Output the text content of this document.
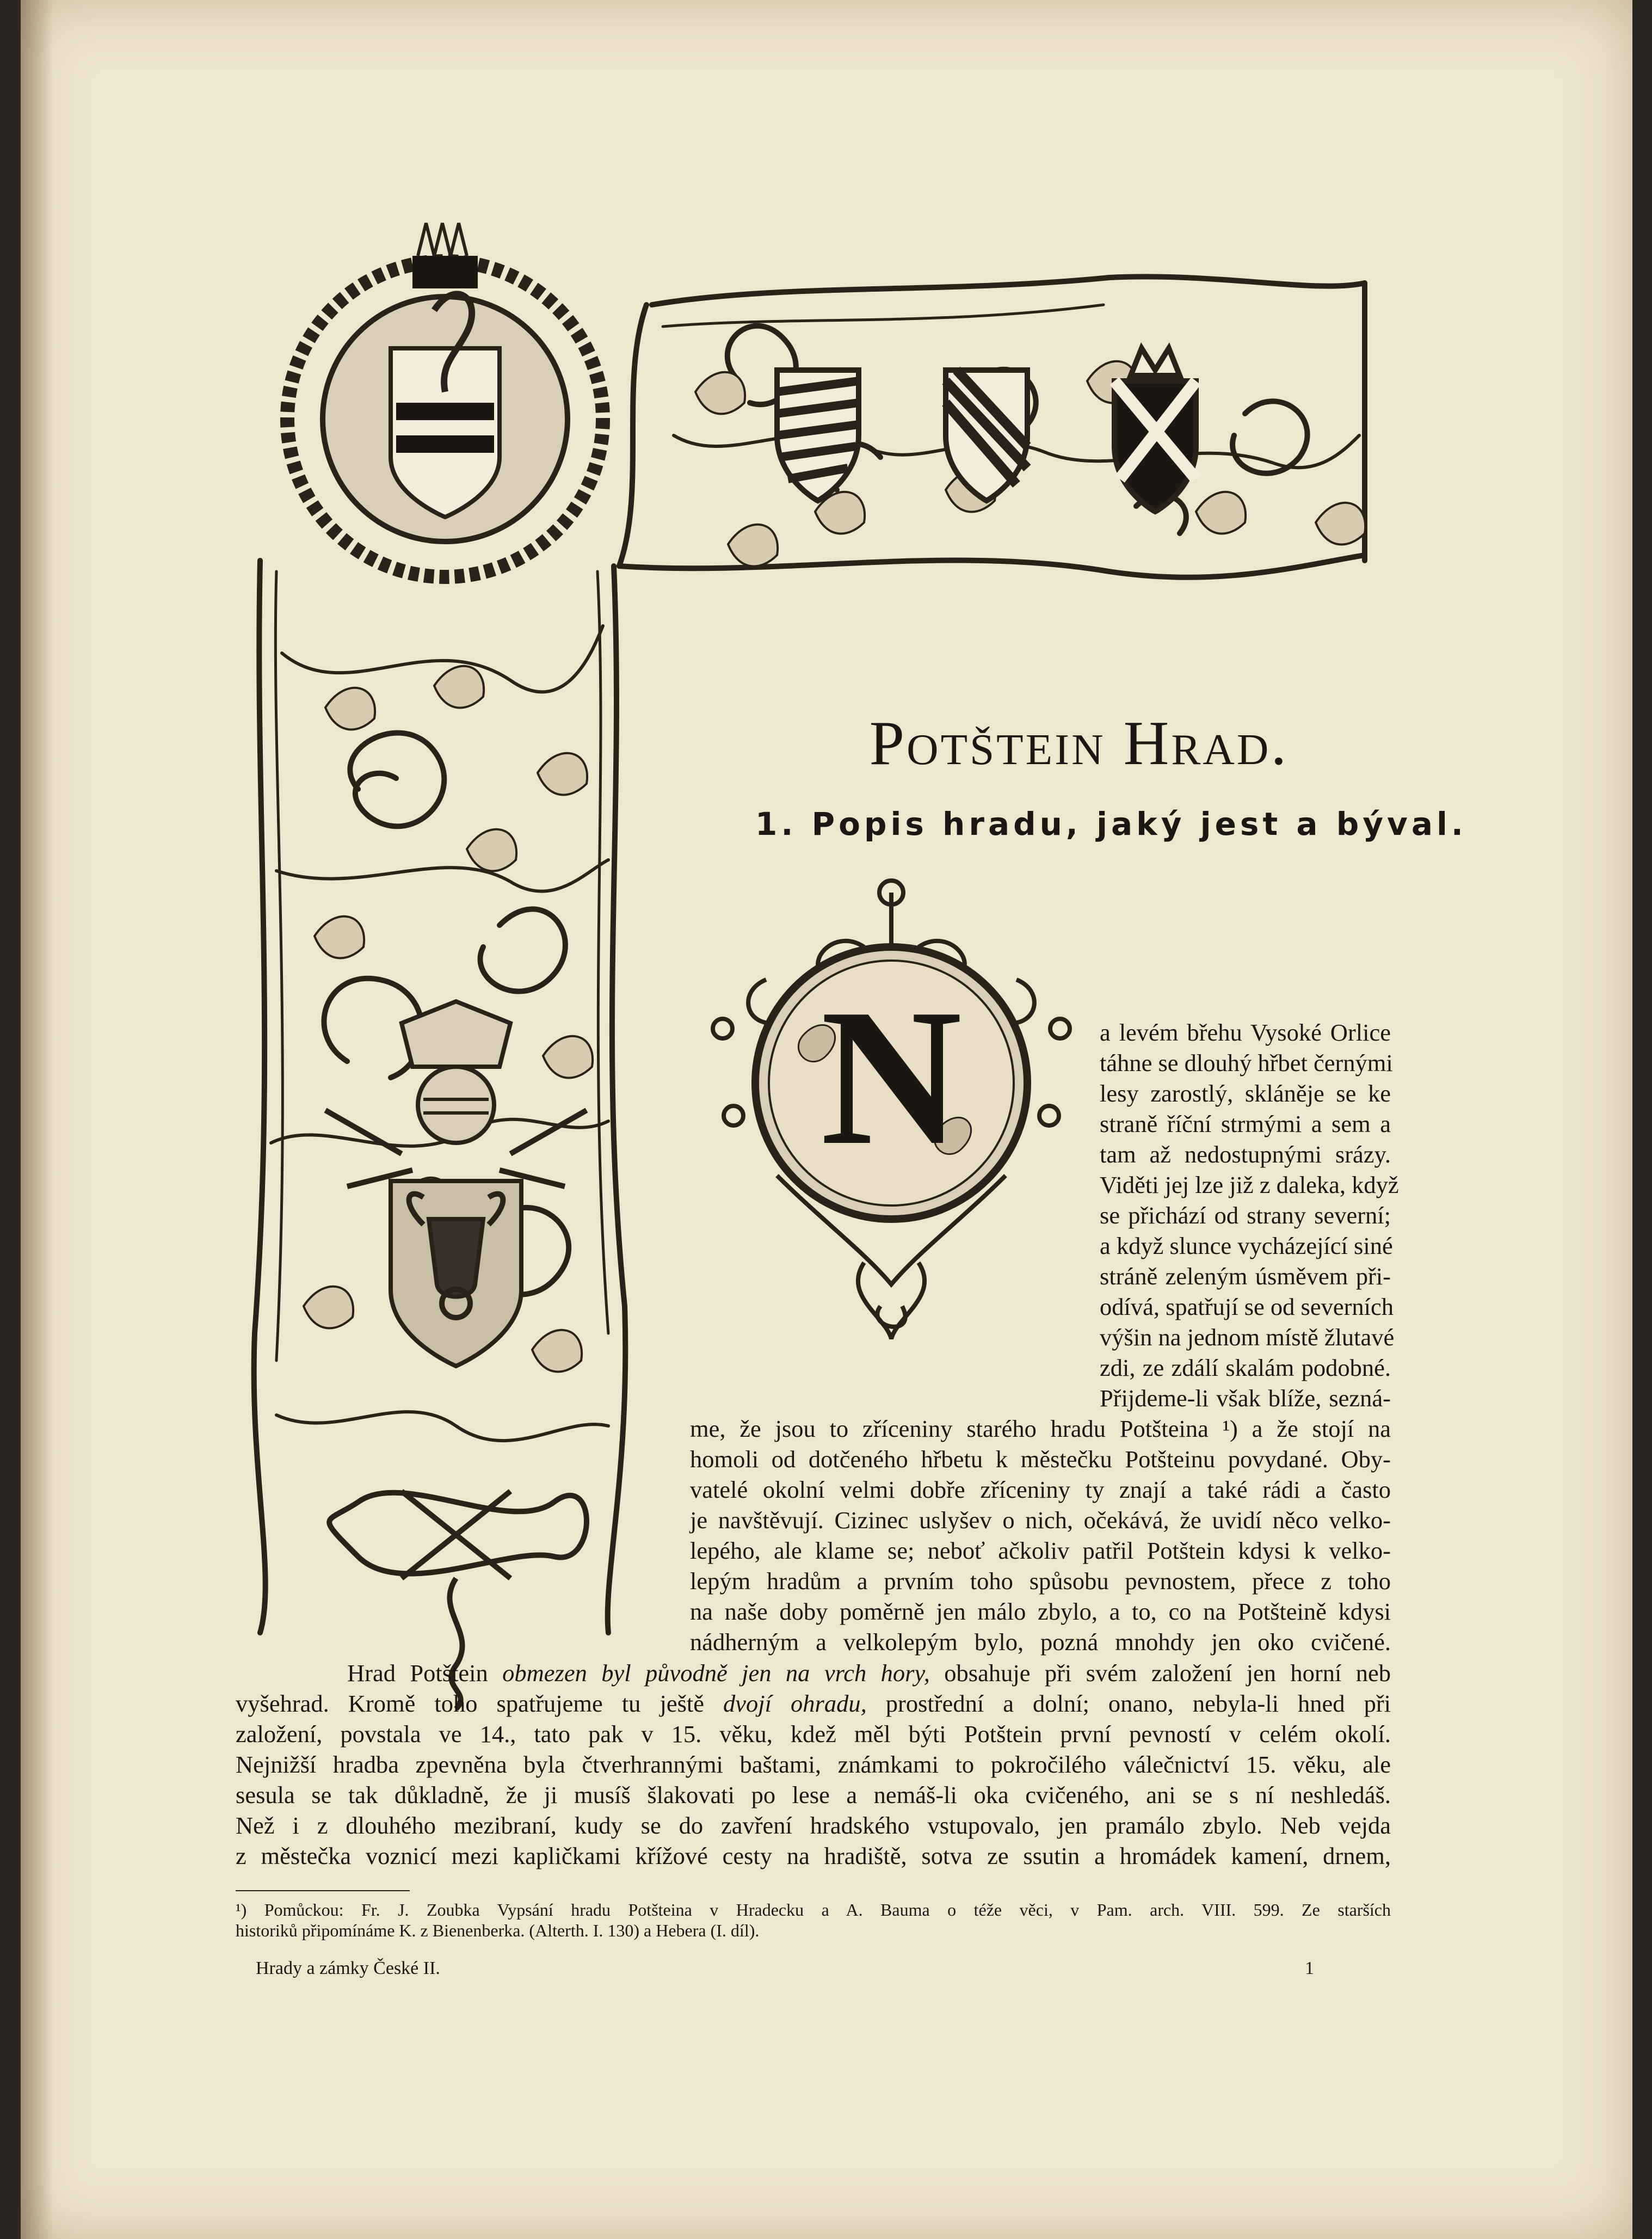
N
Potštein Hrad.
1. Popis hradu, jaký jest a býval.
a levém břehu Vysoké Orlice
táhne se dlouhý hřbet černými
lesy zarostlý, skláněje se ke
straně říční strmými a sem a
tam až nedostupnými srázy.
Viděti jej lze již z daleka, když
se přichází od strany severní;
a když slunce vycházející siné
stráně zeleným úsměvem při-
odívá, spatřují se od severních
výšin na jednom místě žlutavé
zdi, ze zdálí skalám podobné.
Přijdeme-li však blíže, sezná-
me, že jsou to zříceniny starého hradu Potšteina ¹) a že stojí na
homoli od dotčeného hřbetu k městečku Potšteinu povydané. Oby-
vatelé okolní velmi dobře zříceniny ty znají a také rádi a často
je navštěvují. Cizinec uslyšev o nich, očekává, že uvidí něco velko-
lepého, ale klame se; neboť ačkoliv patřil Potštein kdysi k velko-
lepým hradům a prvním toho spůsobu pevnostem, přece z toho
na naše doby poměrně jen málo zbylo, a to, co na Potšteině kdysi
nádherným a velkolepým bylo, pozná mnohdy jen oko cvičené.
Hrad Potštein obmezen byl původně jen na vrch hory, obsahuje při svém založení jen horní neb
vyšehrad. Kromě toho spatřujeme tu ještě dvojí ohradu, prostřední a dolní; onano, nebyla-li hned při
založení, povstala ve 14., tato pak v 15. věku, kdež měl býti Potštein první pevností v celém okolí.
Nejnižší hradba zpevněna byla čtverhrannými baštami, známkami to pokročilého válečnictví 15. věku, ale
sesula se tak důkladně, že ji musíš šlakovati po lese a nemáš-li oka cvičeného, ani se s ní neshledáš.
Než i z dlouhého mezibraní, kudy se do zavření hradského vstupovalo, jen pramálo zbylo. Neb vejda
z městečka voznicí mezi kapličkami křížové cesty na hradiště, sotva ze ssutin a hromádek kamení, drnem,
¹) Pomůckou: Fr. J. Zoubka Vypsání hradu Potšteina v Hradecku a A. Bauma o téže věci, v Pam. arch. VIII. 599. Ze starších
historiků připomínáme K. z Bienenberka. (Alterth. I. 130) a Hebera (I. díl).
Hrady a zámky České II.	1
